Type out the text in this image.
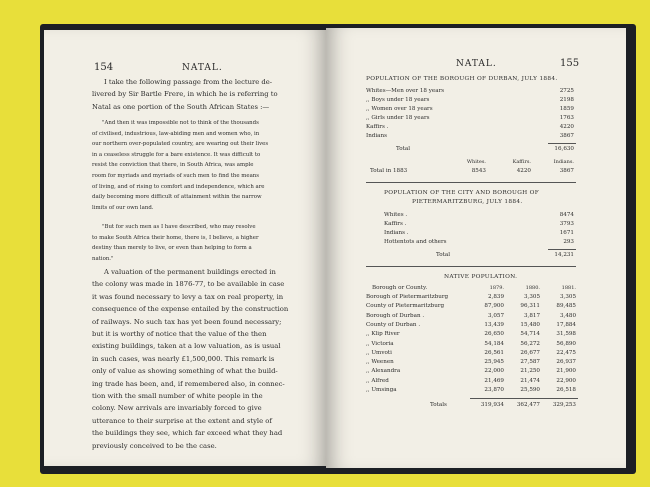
154	NATAL.
I take the following passage from the lecture de-
livered by Sir Bartle Frere, in which he is referring to
Natal as one portion of the South African States :—
"And then it was impossible not to think of the thousands
of civilised, industrious, law-abiding men and women who, in
our northern over-populated country, are wearing out their lives
in a ceaseless struggle for a bare existence. It was difficult to
resist the conviction that there, in South Africa, was ample
room for myriads and myriads of such men to find the means
of living, and of rising to comfort and independence, which are
daily becoming more difficult of attainment within the narrow
limits of our own land.
"But for such men as I have described, who may resolve
to make South Africa their home, there is, I believe, a higher
destiny than merely to live, or even than helping to form a
nation."
A valuation of the permanent buildings erected in
the colony was made in 1876-77, to be available in case
it was found necessary to levy a tax on real property, in
consequence of the expense entailed by the construction
of railways. No such tax has yet been found necessary;
but it is worthy of notice that the value of the then
existing buildings, taken at a low valuation, as is usual
in such cases, was nearly £1,500,000. This remark is
only of value as showing something of what the build-
ing trade has been, and, if remembered also, in connec-
tion with the small number of white people in the
colony. New arrivals are invariably forced to give
utterance to their surprise at the extent and style of
the buildings they see, which far exceed what they had
previously conceived to be the case.
NATAL.	155
POPULATION OF THE BOROUGH OF DURBAN, JULY 1884.
Whites—Men over 18 years	2725
,, Boys under 18 years	2198
,, Women over 18 years	1859
,, Girls under 18 years	1763
Kaffirs .	4220
Indians	3867
Total	16,630
Whites.	Kaffirs.	Indians.
Total in 1883	8543	4220	3867
POPULATION OF THE CITY AND BOROUGH OF
PIETERMARITZBURG, JULY 1884.
Whites .	8474
Kaffirs .	3793
Indians .	1671
Hottentots and others	293
Total	14,231
NATIVE POPULATION.
Borough or County.	1879.	1880.	1881.
Borough of Pietermaritzburg	2,839	3,305	3,305
County of Pietermaritzburg	87,900	96,311	89,485
Borough of Durban .	3,057	3,817	3,480
County of Durban .	13,439	15,480	17,884
,, Klip River	26,650	54,714	31,598
,, Victoria	54,184	56,272	56,890
,, Umvoti	26,561	26,677	22,475
,, Weenen	25,945	27,587	26,937
,, Alexandra	22,000	21,250	21,900
,, Alfred	21,469	21,474	22,900
,, Umsinga	23,870	25,590	26,518
Totals	319,934	362,477	329,253
